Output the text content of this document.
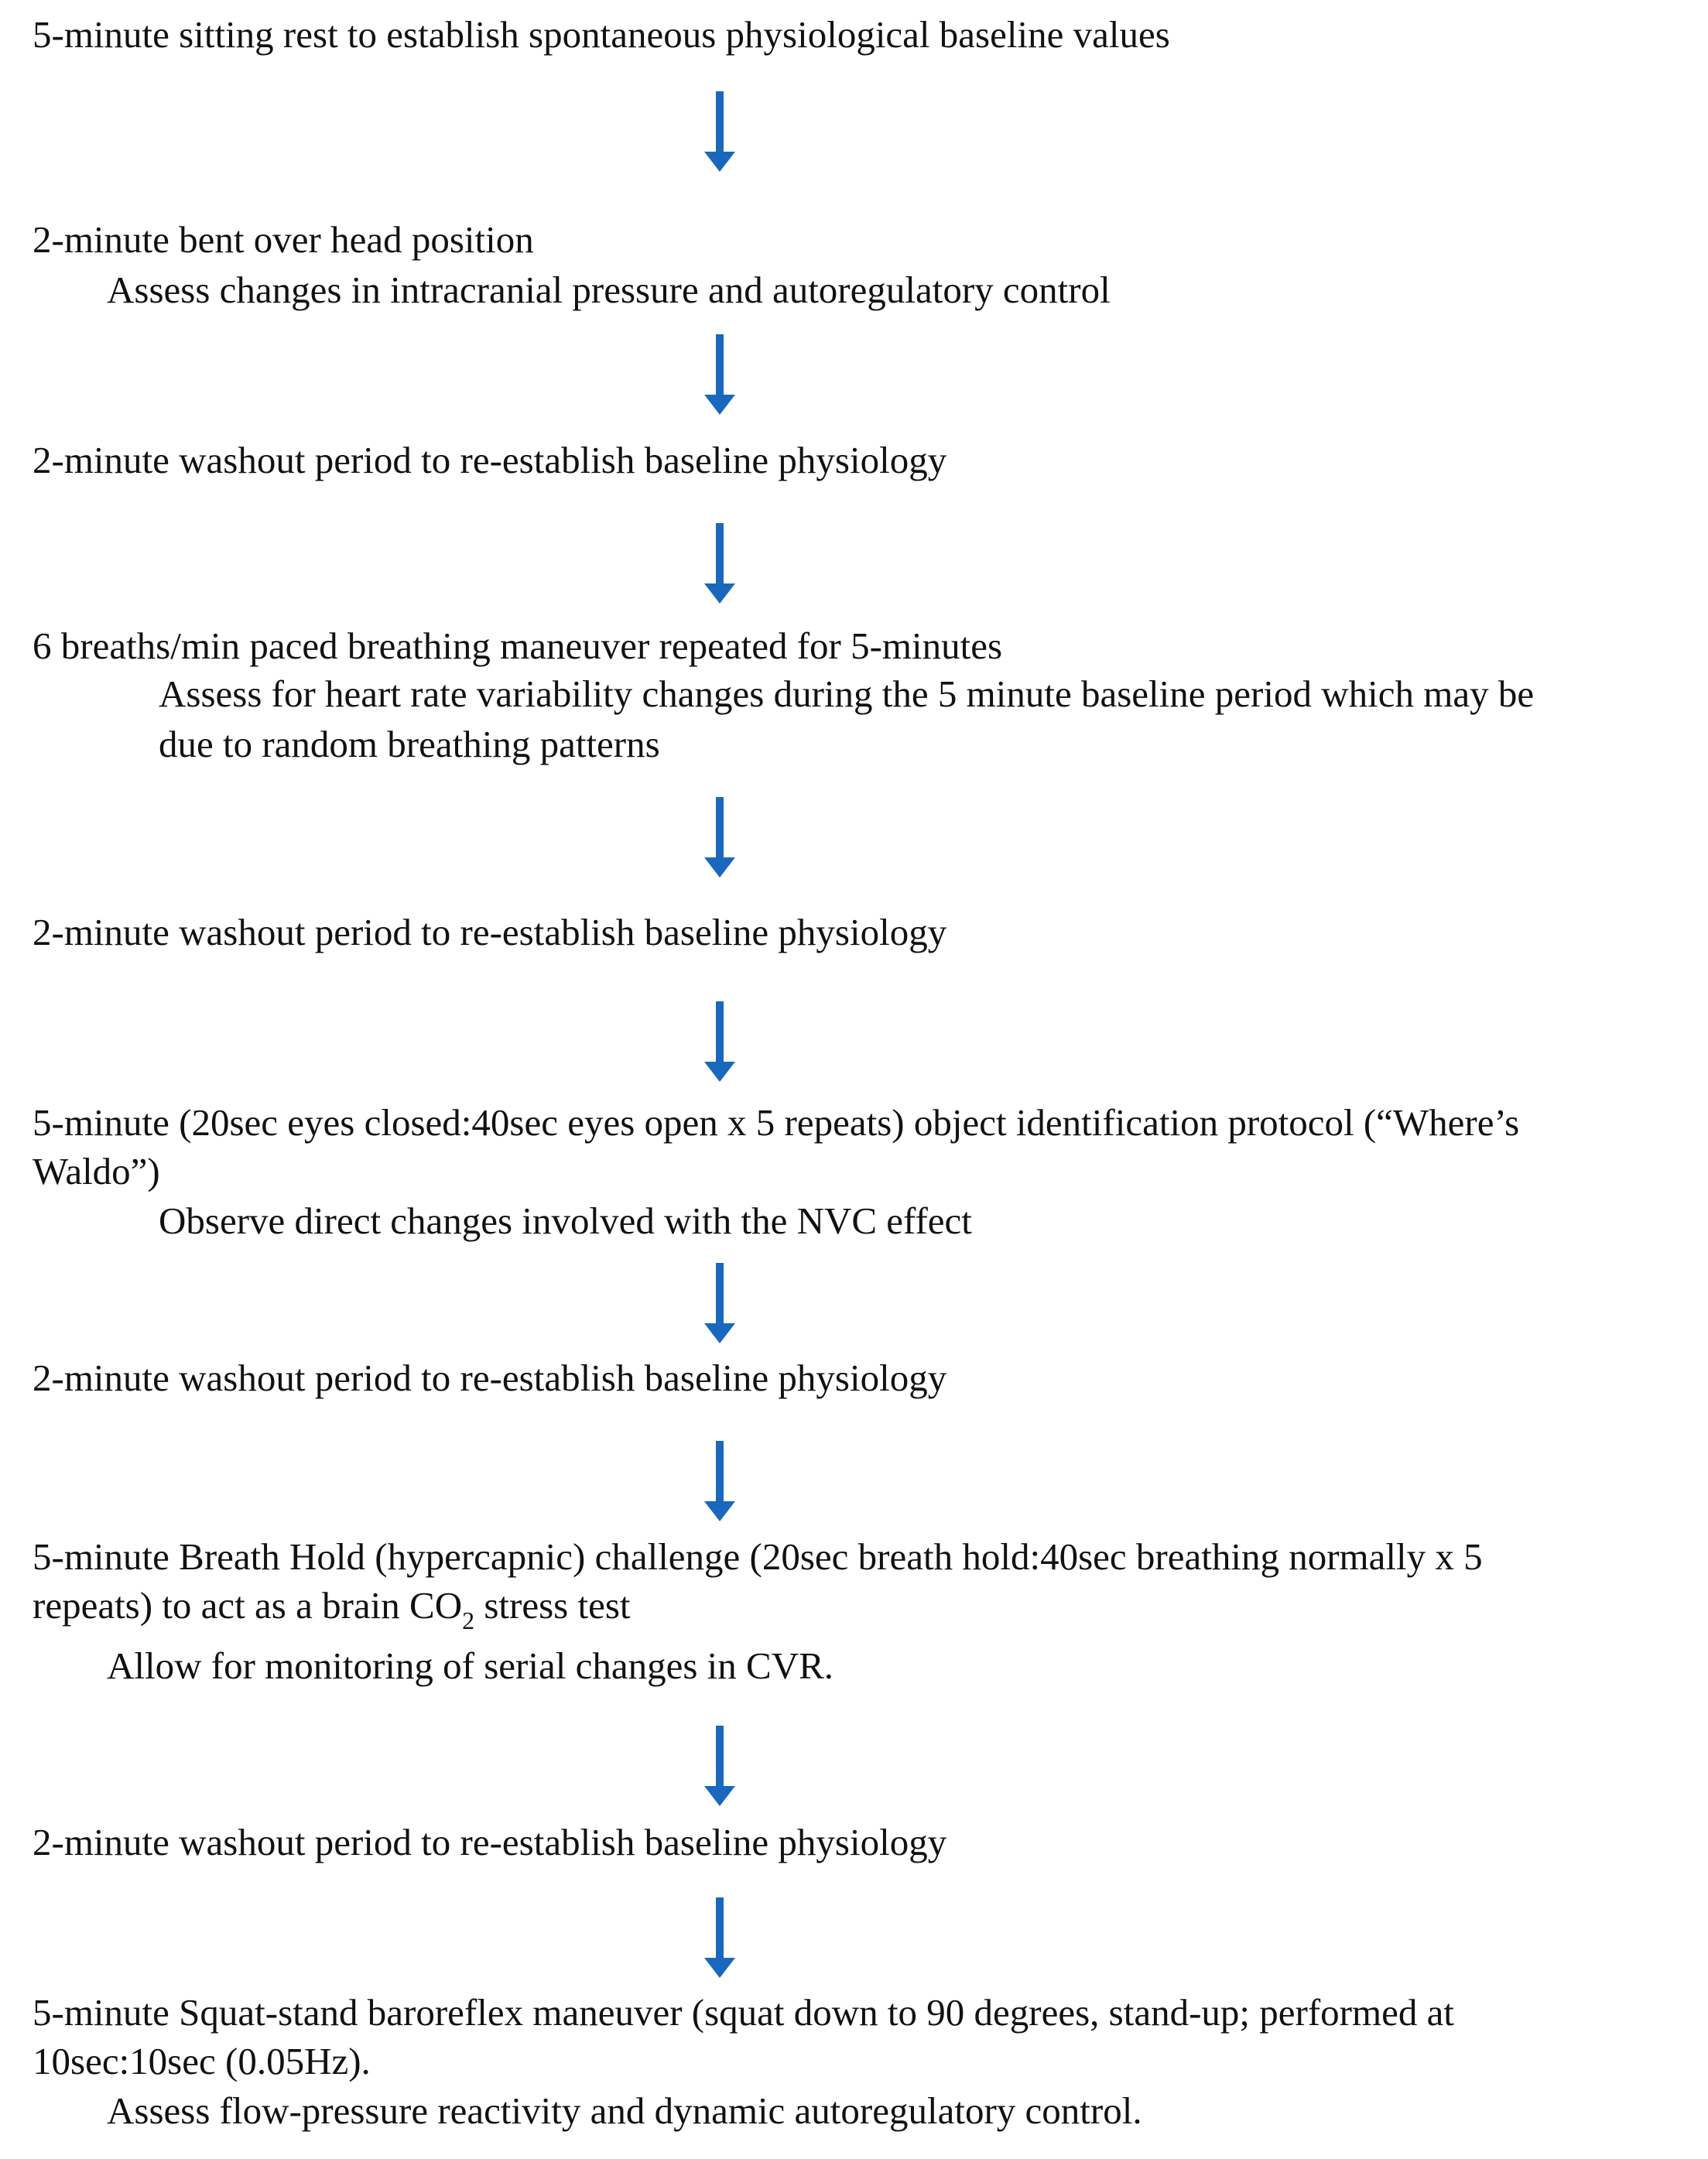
5-minute sitting rest to establish spontaneous physiological baseline values

2-minute bent over head position

Assess changes in intracranial pressure and autoregulatory control

2-minute washout period to re-establish baseline physiology

6 breaths/min paced breathing maneuver repeated for 5-minutes

Assess for heart rate variability changes during the 5 minute baseline period which may be

due to random breathing patterns

2-minute washout period to re-establish baseline physiology

5-minute (20sec eyes closed:40sec eyes open x 5 repeats) object identification protocol (“Where’s

Waldo”)

Observe direct changes involved with the NVC effect

2-minute washout period to re-establish baseline physiology

5-minute Breath Hold (hypercapnic) challenge (20sec breath hold:40sec breathing normally x 5

repeats) to act as a brain $CO_2$ stress test

Allow for monitoring of serial changes in CVR.

2-minute washout period to re-establish baseline physiology

5-minute Squat-stand baroreflex maneuver (squat down to 90 degrees, stand-up; performed at

10sec:10sec (0.05Hz).

Assess flow-pressure reactivity and dynamic autoregulatory control.
